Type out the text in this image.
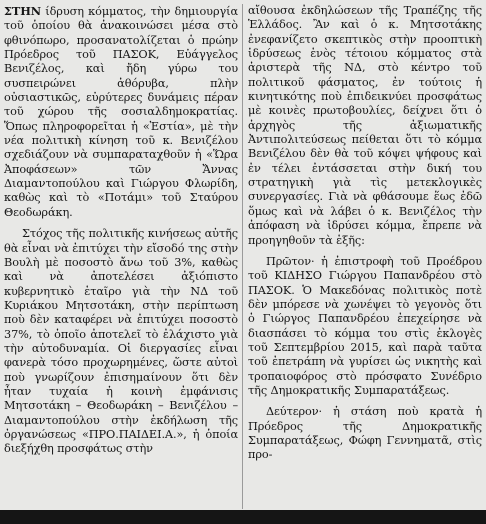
ΣΤΗΝ ίδρυση κόμματος, τὴν δημιουργία τοῦ ὁποίου θὰ ἀνακοινώσει μέσα στὸ φθινόπωρο, προσανατολίζεται ὁ πρώην Πρόεδρος τοῦ ΠΑΣΟΚ, Εὐάγγελος Βενιζέλος, καὶ ἤδη γύρω του συσπειρώνει ἀθόρυβα, πλὴν οὐσιαστικῶς, εὐρύτερες δυνάμεις πέραν τοῦ χώρου τῆς σοσιαλδημοκρατίας. Ὅπως πληροφορεῖται ἡ «Ἑστία», μὲ τὴν νέα πολιτικὴ κίνηση τοῦ κ. Βενιζέλου σχεδιάζουν νὰ συμπαραταχθοῦν ἡ «Ὥρα Ἀποφάσεων» τῶν Ἄννας Διαμαντοπούλου καὶ Γιώργου Φλωρίδη, καθὼς καὶ τὸ «Ποτάμι» τοῦ Σταύρου Θεοδωράκη.

Στόχος τῆς πολιτικῆς κινήσεως αὐτῆς θὰ εἶναι νὰ ἐπιτύχει τὴν εἴσοδό της στὴν Βουλὴ μὲ ποσοστὸ ἄνω τοῦ 3%, καθὼς καὶ νὰ ἀποτελέσει ἀξιόπιστο κυβερνητικὸ ἑταῖρο γιὰ τὴν ΝΔ τοῦ Κυριάκου Μητσοτάκη, στὴν περίπτωση ποὺ δὲν καταφέρει νὰ ἐπιτύχει ποσοστὸ 37%, τὸ ὁποῖο ἀποτελεῖ τὸ ἐλάχιστο γιὰ τὴν αὐτοδυναμία. Οἱ διεργασίες εἶναι φανερὰ τόσο προχωρημένες, ὥστε αὐτοὶ ποὺ γνωρίζουν ἐπισημαίνουν ὅτι δὲν ἦταν τυχαία ἡ κοινὴ ἐμφάνισις Μητσοτάκη – Θεοδωράκη – Βενιζέλου – Διαμαντοπούλου στὴν ἐκδήλωση τῆς ὀργανώσεως «ΠΡΟ.ΠΑΙΔΕΙ.Α.», ἡ ὁποία διεξήχθη προσφάτως στὴν

αἴθουσα ἐκδηλώσεων τῆς Τραπέζης τῆς Ἑλλάδος. Ἂν καὶ ὁ κ. Μητσοτάκης ἐνεφανίζετο σκεπτικὸς στὴν προοπτικὴ ἱδρύσεως ἑνὸς τέτοιου κόμματος στὰ ἀριστερὰ τῆς ΝΔ, στὸ κέντρο τοῦ πολιτικοῦ φάσματος, ἐν τούτοις ἡ κινητικότης ποὺ ἐπιδεικνύει προσφάτως μὲ κοινὲς πρωτοβουλίες, δείχνει ὅτι ὁ ἀρχηγὸς τῆς ἀξιωματικῆς Ἀντιπολιτεύσεως πείθεται ὅτι τὸ κόμμα Βενιζέλου δὲν θὰ τοῦ κόψει ψήφους καὶ ἐν τέλει ἐντάσσεται στὴν δική του στρατηγικὴ γιὰ τὶς μετεκλογικὲς συνεργασίες. Γιὰ νὰ φθάσουμε ἕως ἐδῶ ὅμως καὶ νὰ λάβει ὁ κ. Βενιζέλος τὴν ἀπόφαση νὰ ἱδρύσει κόμμα, ἔπρεπε νὰ προηγηθοῦν τὰ ἑξῆς:

Πρῶτον· ἡ ἐπιστροφὴ τοῦ Προέδρου τοῦ ΚΙΔΗΣΟ Γιώργου Παπανδρέου στὸ ΠΑΣΟΚ. Ὁ Μακεδόνας πολιτικὸς ποτὲ δὲν μπόρεσε νὰ χωνέψει τὸ γεγονὸς ὅτι ὁ Γιώργος Παπανδρέου ἐπεχείρησε νὰ διασπάσει τὸ κόμμα του στὶς ἐκλογὲς τοῦ Σεπτεμβρίου 2015, καὶ παρὰ ταῦτα τοῦ ἐπετράπη νὰ γυρίσει ὡς νικητὴς καὶ τροπαιοφόρος στὸ πρόσφατο Συνέδριο τῆς Δημοκρατικῆς Συμπαρατάξεως.

Δεύτερον· ἡ στάση ποὺ κρατὰ ἡ Πρόεδρος τῆς Δημοκρατικῆς Συμπαρατάξεως, Φώφη Γεννηματᾶ, στὶς προ-
